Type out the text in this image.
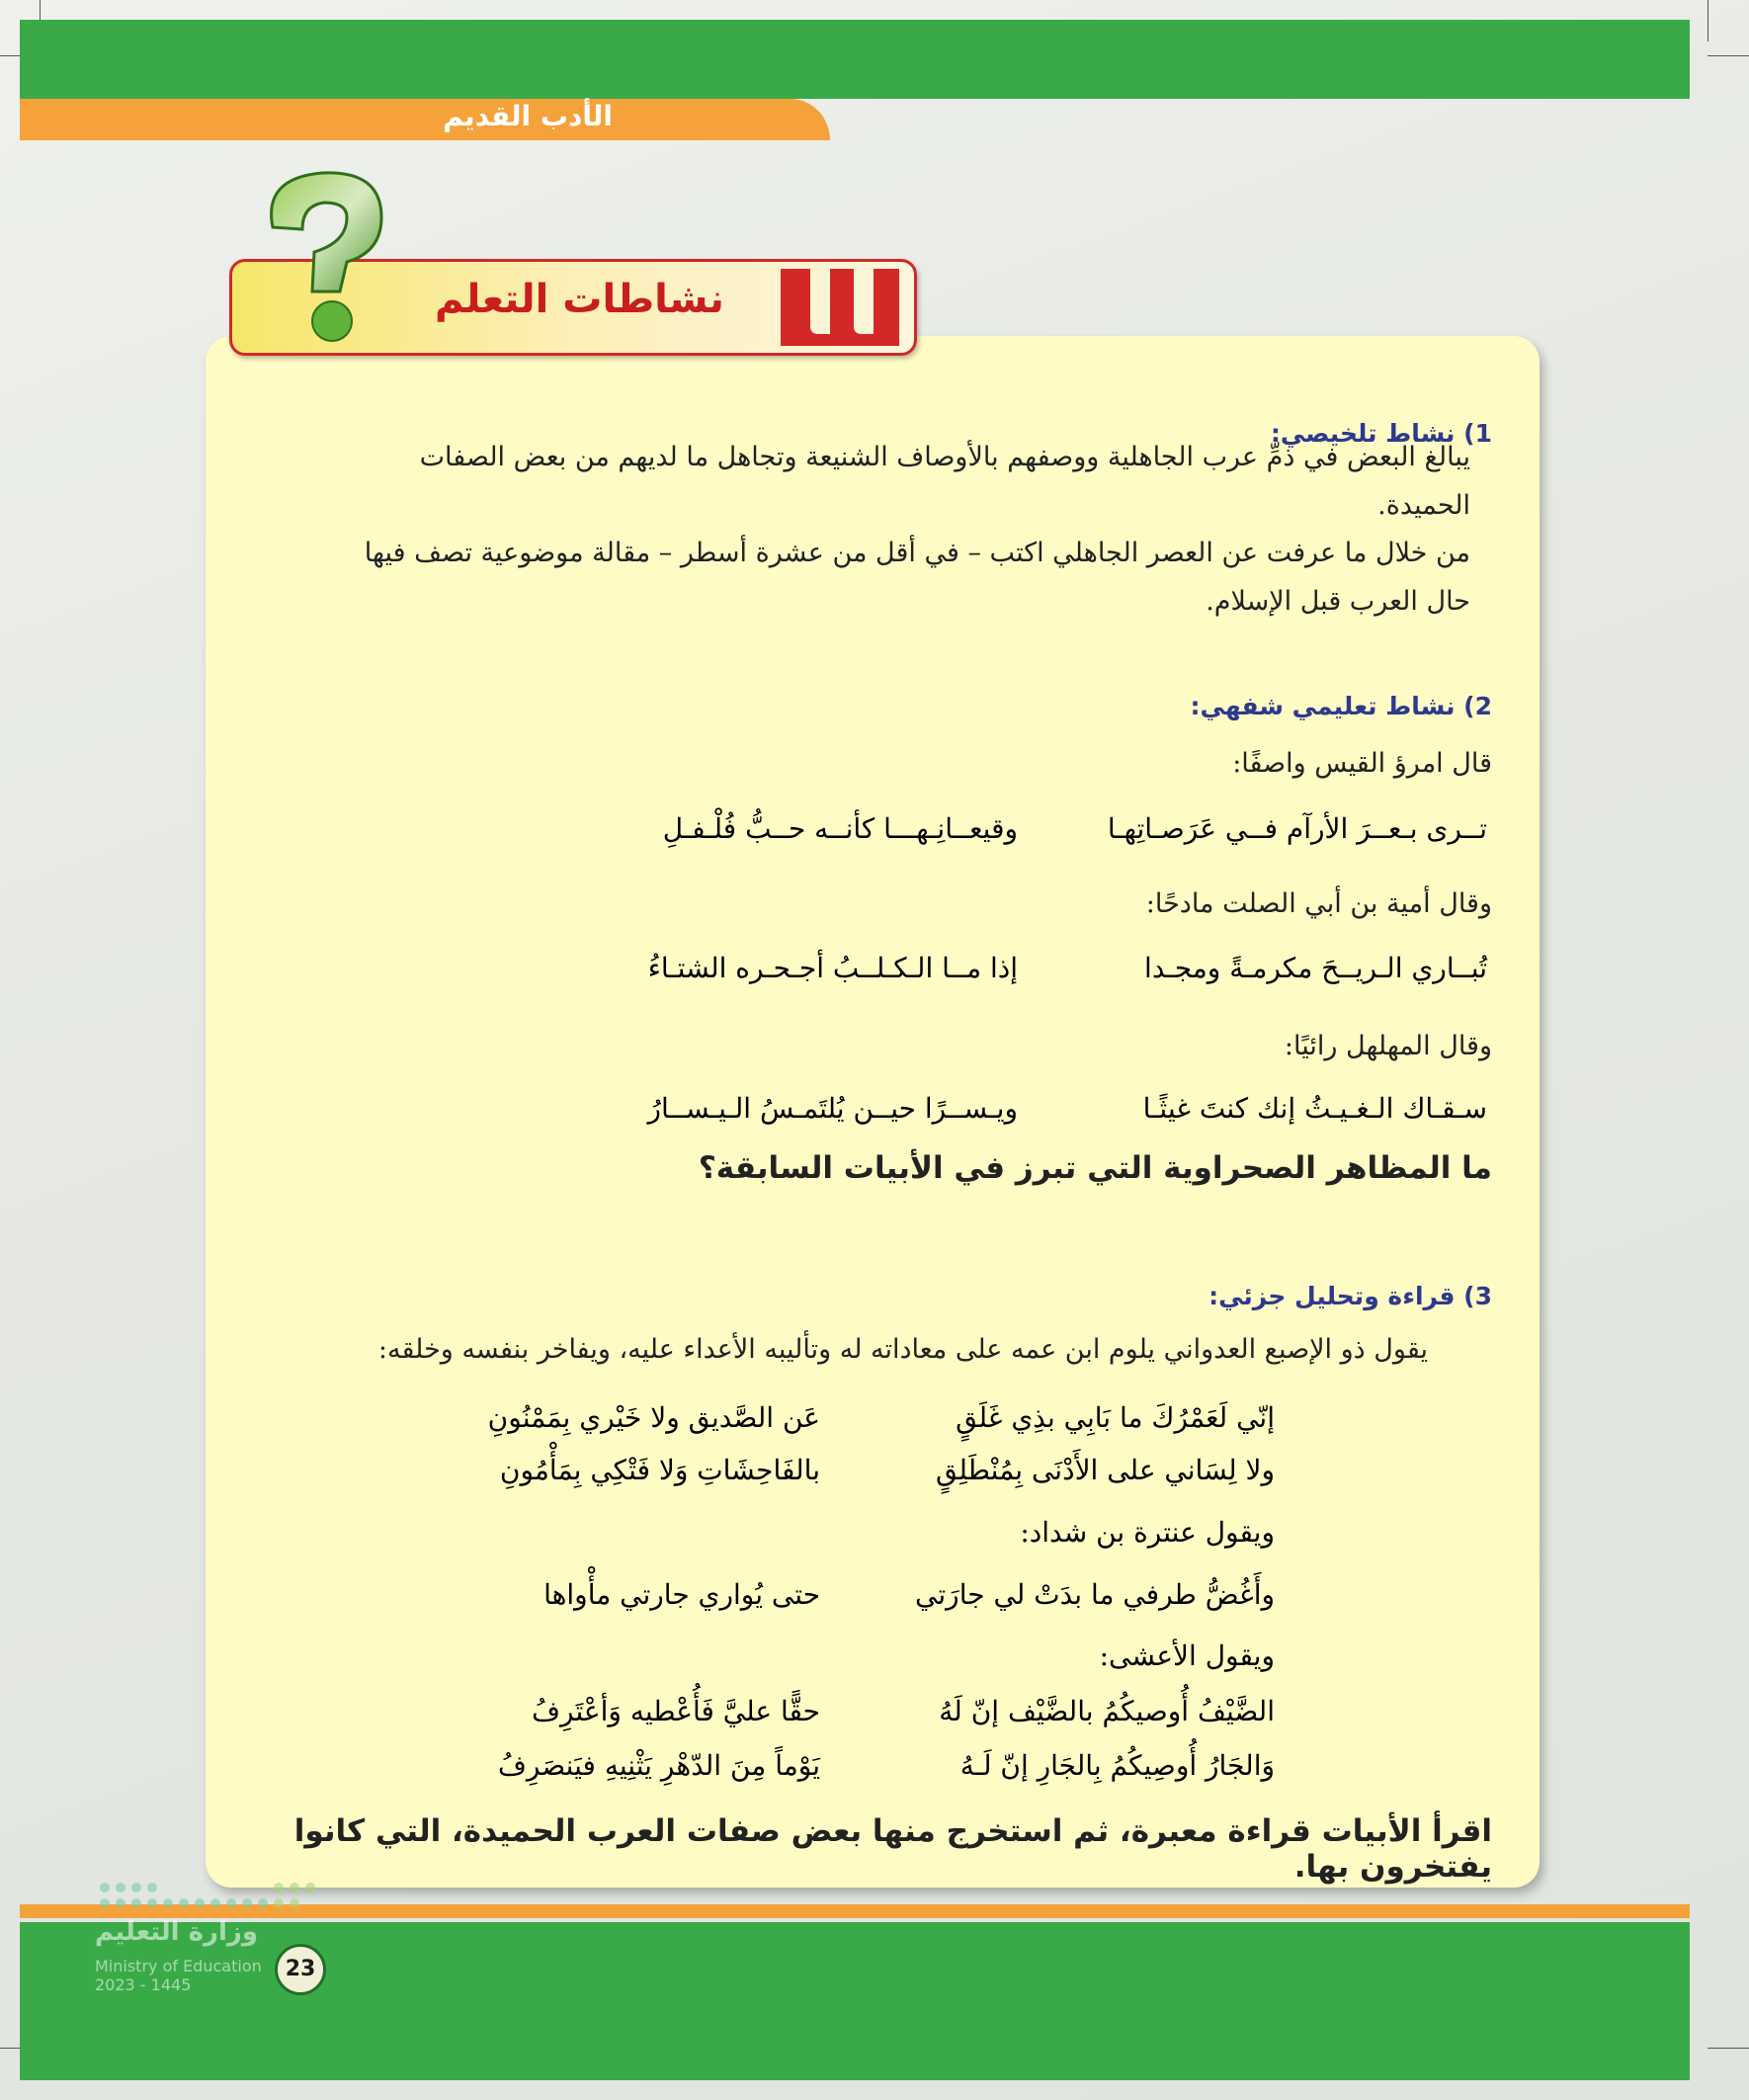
الأدب القديم
نشاطات التعلم
1) نشاط تلخيصي:
يبالغ البعض في ذمِّ عرب الجاهلية ووصفهم بالأوصاف الشنيعة وتجاهل ما لديهم من بعض الصفات
الحميدة.
من خلال ما عرفت عن العصر الجاهلي اكتب – في أقل من عشرة أسطر – مقالة موضوعية تصف فيها
حال العرب قبل الإسلام.
2) نشاط تعليمي شفهي:
قال امرؤ القيس واصفًا:
تــرى بـعــرَ الأرآم فــي عَرَصـاتِهـا
وقيعــانِـهـــا كأنــه حــبُّ فُلْـفـلِ
وقال أمية بن أبي الصلت مادحًا:
تُبــاري الـريــحَ مكرمـةً ومجـدا
إذا مــا الـكـلــبُ أجـحـره الشتـاءُ
وقال المهلهل رائيًا:
سـقـاك الـغـيـثُ إنك كنتَ غيثًـا
ويـســرًا حيــن يُلتَمـسُ الـيـســارُ
ما المظاهر الصحراوية التي تبرز في الأبيات السابقة؟
3) قراءة وتحليل جزئي:
يقول ذو الإصبع العدواني يلوم ابن عمه على معاداته له وتأليبه الأعداء عليه، ويفاخر بنفسه وخلقه:
إنّي لَعَمْرُكَ ما بَابِي بذِي غَلَقٍ
عَن الصَّديق ولا خَيْري بِمَمْنُونِ
ولا لِسَاني على الأَدْنَى بِمُنْطَلِقٍ
بالفَاحِشَاتِ وَلا فَتْكِي بِمَأْمُونِ
ويقول عنترة بن شداد:
وأَغُضُّ طرفي ما بدَتْ لي جارَتي
حتى يُواري جارتي مأْواها
ويقول الأعشى:
الضَّيْفُ أُوصيكُمُ بالضَّيْف إنّ لَهُ
حقًّا عليَّ فَأُعْطيه وَأعْتَرِفُ
وَالجَارُ أُوصِيكُمُ بِالجَارِ إنّ لَـهُ
يَوْماً مِنَ الدّهْرِ يَثْنِيهِ فيَنصَرِفُ
اقرأ الأبيات قراءة معبرة، ثم استخرج منها بعض صفات العرب الحميدة، التي كانوا يفتخرون بها.
وزارة التعليم
Ministry of Education
2023 - 1445
23
